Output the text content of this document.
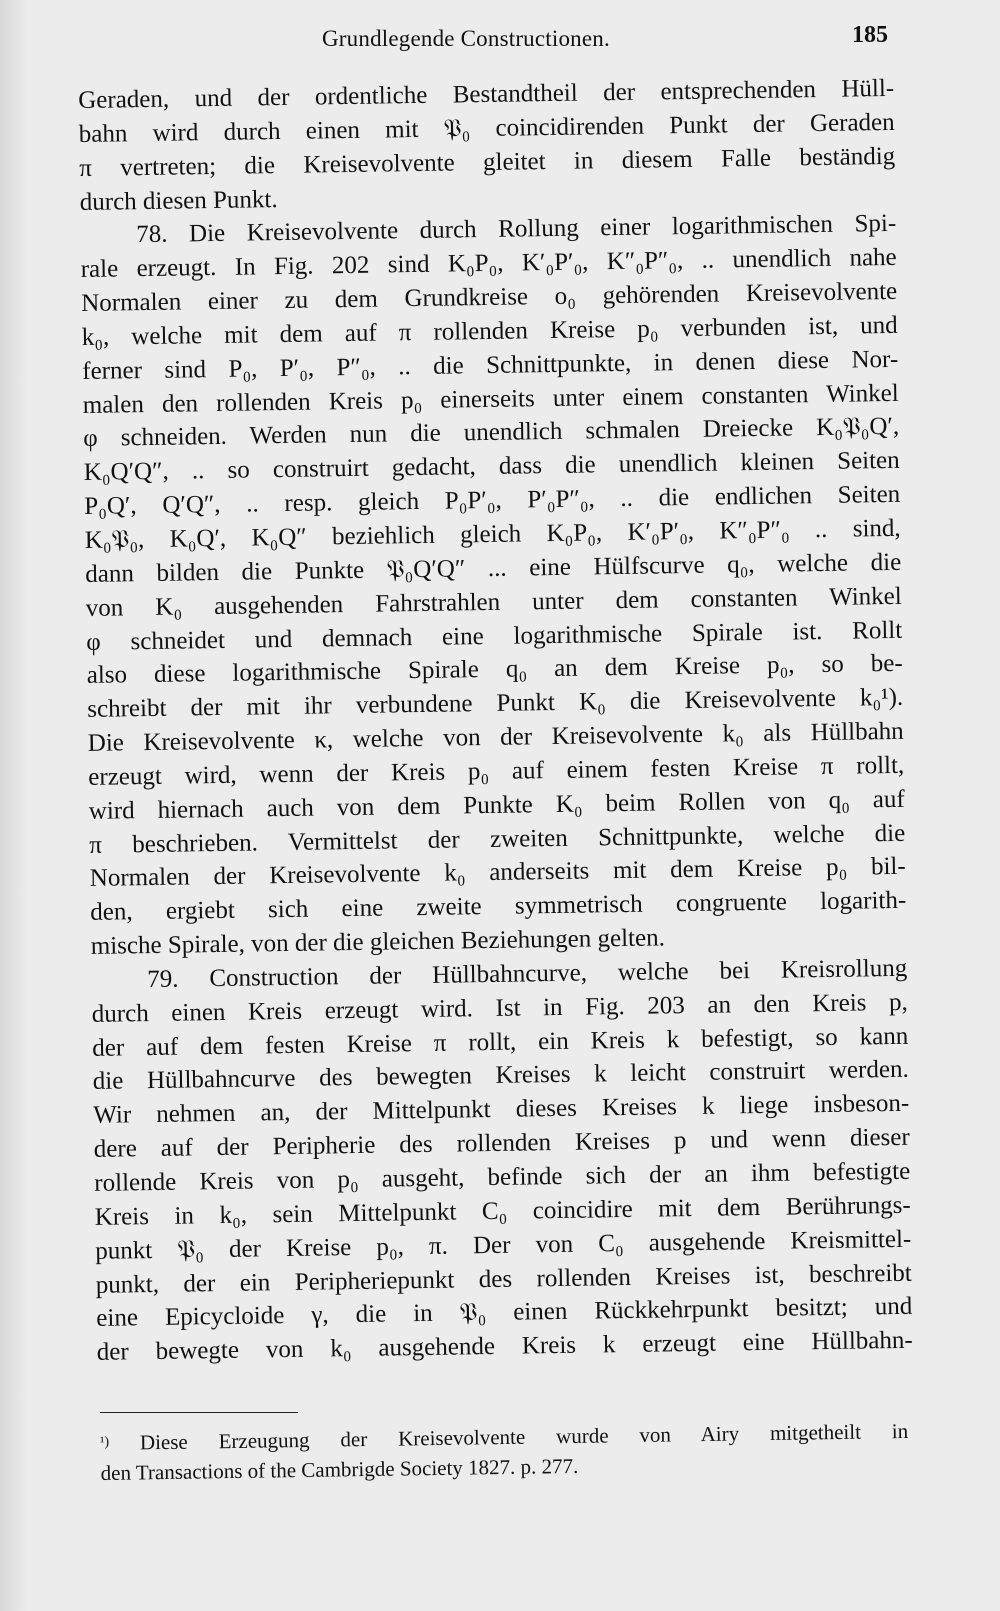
Grundlegende Constructionen.	185
Geraden, und der ordentliche Bestandtheil der entsprechenden Hüll-
bahn wird durch einen mit 𝔓₀ coincidirenden Punkt der Geraden
π vertreten; die Kreisevolvente gleitet in diesem Falle beständig
durch diesen Punkt.
78. Die Kreisevolvente durch Rollung einer logarithmischen Spi-
rale erzeugt. In Fig. 202 sind K₀P₀, K′₀P′₀, K″₀P″₀, .. unendlich nahe
Normalen einer zu dem Grundkreise o₀ gehörenden Kreisevolvente
k₀, welche mit dem auf π rollenden Kreise p₀ verbunden ist, und
ferner sind P₀, P′₀, P″₀, .. die Schnittpunkte, in denen diese Nor-
malen den rollenden Kreis p₀ einerseits unter einem constanten Winkel
φ schneiden. Werden nun die unendlich schmalen Dreiecke K₀𝔓₀Q′,
K₀Q′Q″, .. so construirt gedacht, dass die unendlich kleinen Seiten
P₀Q′, Q′Q″, .. resp. gleich P₀P′₀, P′₀P″₀, .. die endlichen Seiten
K₀𝔓₀, K₀Q′, K₀Q″ beziehlich gleich K₀P₀, K′₀P′₀, K″₀P″₀ .. sind,
dann bilden die Punkte 𝔓₀Q′Q″ ... eine Hülfscurve q₀, welche die
von K₀ ausgehenden Fahrstrahlen unter dem constanten Winkel
φ schneidet und demnach eine logarithmische Spirale ist. Rollt
also diese logarithmische Spirale q₀ an dem Kreise p₀, so be-
schreibt der mit ihr verbundene Punkt K₀ die Kreisevolvente k₀¹).
Die Kreisevolvente κ, welche von der Kreisevolvente k₀ als Hüllbahn
erzeugt wird, wenn der Kreis p₀ auf einem festen Kreise π rollt,
wird hiernach auch von dem Punkte K₀ beim Rollen von q₀ auf
π beschrieben. Vermittelst der zweiten Schnittpunkte, welche die
Normalen der Kreisevolvente k₀ anderseits mit dem Kreise p₀ bil-
den, ergiebt sich eine zweite symmetrisch congruente logarith-
mische Spirale, von der die gleichen Beziehungen gelten.
79. Construction der Hüllbahncurve, welche bei Kreisrollung
durch einen Kreis erzeugt wird. Ist in Fig. 203 an den Kreis p,
der auf dem festen Kreise π rollt, ein Kreis k befestigt, so kann
die Hüllbahncurve des bewegten Kreises k leicht construirt werden.
Wir nehmen an, der Mittelpunkt dieses Kreises k liege insbeson-
dere auf der Peripherie des rollenden Kreises p und wenn dieser
rollende Kreis von p₀ ausgeht, befinde sich der an ihm befestigte
Kreis in k₀, sein Mittelpunkt C₀ coincidire mit dem Berührungs-
punkt 𝔓₀ der Kreise p₀, π. Der von C₀ ausgehende Kreismittel-
punkt, der ein Peripheriepunkt des rollenden Kreises ist, beschreibt
eine Epicycloide γ, die in 𝔓₀ einen Rückkehrpunkt besitzt; und
der bewegte von k₀ ausgehende Kreis k erzeugt eine Hüllbahn-
$^{^1)}$ Diese Erzeugung der Kreisevolvente wurde von Airy mitgetheilt in
den Transactions of the Cambrigde Society 1827. p. 277.
